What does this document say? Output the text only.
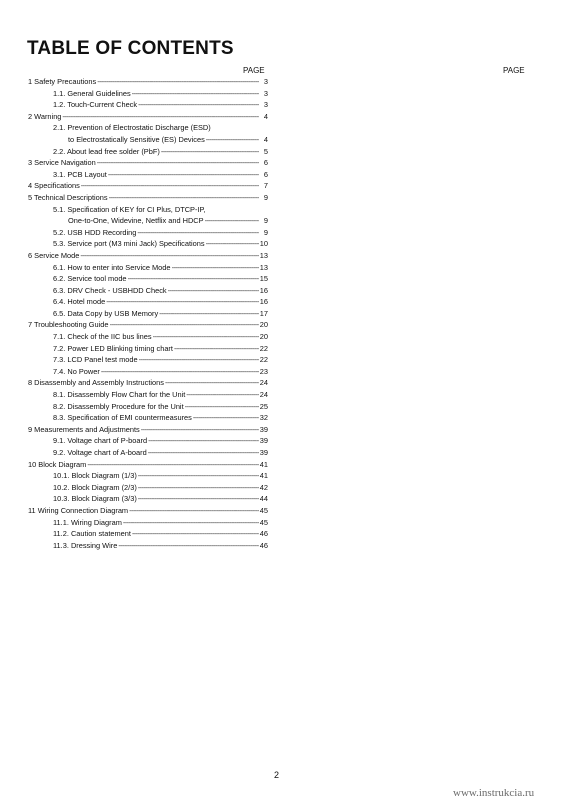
TABLE OF CONTENTS
PAGE	PAGE
1 Safety Precautions -----	3
1.1. General Guidelines -----	3
1.2. Touch-Current Check -----	3
2 Warning -----	4
2.1. Prevention of Electrostatic Discharge (ESD)
to Electrostatically Sensitive (ES) Devices -----	4
2.2. About lead free solder (PbF) -----	5
3 Service Navigation -----	6
3.1. PCB Layout -----	6
4 Specifications -----	7
5 Technical Descriptions -----	9
5.1. Specification of KEY for CI Plus, DTCP-IP,
One-to-One, Widevine, Netflix and HDCP -----	9
5.2. USB HDD Recording -----	9
5.3. Service port (M3 mini Jack) Specifications -----	10
6 Service Mode -----	13
6.1. How to enter into Service Mode -----	13
6.2. Service tool mode -----	15
6.3. DRV Check - USBHDD Check -----	16
6.4. Hotel mode -----	16
6.5. Data Copy by USB Memory -----	17
7 Troubleshooting Guide -----	20
7.1. Check of the IIC bus lines -----	20
7.2. Power LED Blinking timing chart -----	22
7.3. LCD Panel test mode -----	22
7.4. No Power -----	23
8 Disassembly and Assembly Instructions -----	24
8.1. Disassembly Flow Chart for the Unit -----	24
8.2. Disassembly Procedure for the Unit -----	25
8.3. Specification of EMI countermeasures -----	32
9 Measurements and Adjustments -----	39
9.1. Voltage chart of P-board -----	39
9.2. Voltage chart of A-board -----	39
10 Block Diagram -----	41
10.1. Block Diagram (1/3) -----	41
10.2. Block Diagram (2/3) -----	42
10.3. Block Diagram (3/3) -----	44
11 Wiring Connection Diagram -----	45
11.1. Wiring Diagram -----	45
11.2. Caution statement -----	46
11.3. Dressing Wire -----	46
2
www.instrukcia.ru
